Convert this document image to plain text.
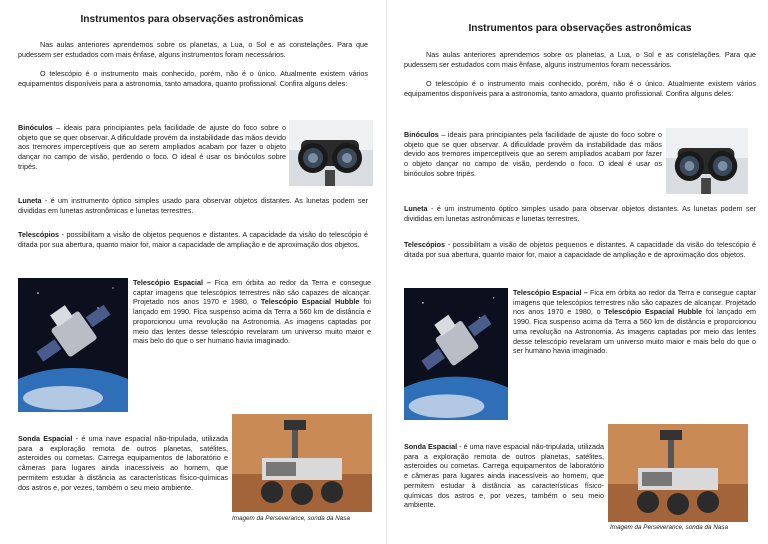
Instrumentos para observações astronômicas
Nas aulas anteriores aprendemos sobre os planetas, a Lua, o Sol e as constelações. Para que pudessem ser estudados com mais ênfase, alguns instrumentos foram necessários.
O telescópio é o instrumento mais conhecido, porém, não é o único. Atualmente existem vários equipamentos disponíveis para a astronomia, tanto amadora, quanto profissional. Confira alguns deles:
Binóculos – ideais para principiantes pela facilidade de ajuste do foco sobre o objeto que se quer observar. A dificuldade provém da instabilidade das mãos devido aos tremores imperceptíveis que ao serem ampliados acabam por fazer o objeto dançar no campo de visão, perdendo o foco. O ideal é usar os binóculos sobre tripés.
Luneta - é um instrumento óptico simples usado para observar objetos distantes. As lunetas podem ser divididas em lunetas astronômicas e lunetas terrestres.
Telescópios - possibilitam a visão de objetos pequenos e distantes. A capacidade da visão do telescópio é ditada por sua abertura, quanto maior for, maior a capacidade de ampliação e de aproximação dos objetos.
Telescópio Espacial – Fica em órbita ao redor da Terra e consegue captar imagens que telescópios terrestres não são capazes de alcançar. Projetado nos anos 1970 e 1980, o Telescópio Espacial Hubble foi lançado em 1990. Fica suspenso acima da Terra a 560 km de distância e proporcionou uma revolução na Astronomia. As imagens captadas por meio das lentes desse telescópio revelaram um universo muito maior e mais belo do que o ser humano havia imaginado.
Imagem da Perseverance, sonda da Nasa
Sonda Espacial - é uma nave espacial não-tripulada, utilizada para a exploração remota de outros planetas, satélites, asteroides ou cometas. Carrega equipamentos de laboratório e câmeras para lugares ainda inacessíveis ao homem, que permitem estudar à distância as características físico-químicas dos astros e, por vezes, também o seu meio ambiente.
Instrumentos para observações astronômicas
Nas aulas anteriores aprendemos sobre os planetas, a Lua, o Sol e as constelações. Para que pudessem ser estudados com mais ênfase, alguns instrumentos foram necessários.
O telescópio é o instrumento mais conhecido, porém, não é o único. Atualmente existem vários equipamentos disponíveis para a astronomia, tanto amadora, quanto profissional. Confira alguns deles:
Binóculos – ideais para principiantes pela facilidade de ajuste do foco sobre o objeto que se quer observar. A dificuldade provém da instabilidade das mãos devido aos tremores imperceptíveis que ao serem ampliados acabam por fazer o objeto dançar no campo de visão, perdendo o foco. O ideal é usar os binóculos sobre tripés.
Luneta - é um instrumento óptico simples usado para observar objetos distantes. As lunetas podem ser divididas em lunetas astronômicas e lunetas terrestres.
Telescópios - possibilitam a visão de objetos pequenos e distantes. A capacidade da visão do telescópio é ditada por sua abertura, quanto maior for, maior a capacidade de ampliação e de aproximação dos objetos.
Telescópio Espacial – Fica em órbita ao redor da Terra e consegue captar imagens que telescópios terrestres não são capazes de alcançar. Projetado nos anos 1970 e 1980, o Telescópio Espacial Hubble foi lançado em 1990. Fica suspenso acima da Terra a 560 km de distância e proporcionou uma revolução na Astronomia. As imagens captadas por meio das lentes desse telescópio revelaram um universo muito maior e mais belo do que o ser humano havia imaginado.
Imagem da Perseverance, sonda da Nasa
Sonda Espacial - é uma nave espacial não-tripulada, utilizada para a exploração remota de outros planetas, satélites, asteroides ou cometas. Carrega equipamentos de laboratório e câmeras para lugares ainda inacessíveis ao homem, que permitem estudar à distância as características físico-químicas dos astros e, por vezes, também o seu meio ambiente.
